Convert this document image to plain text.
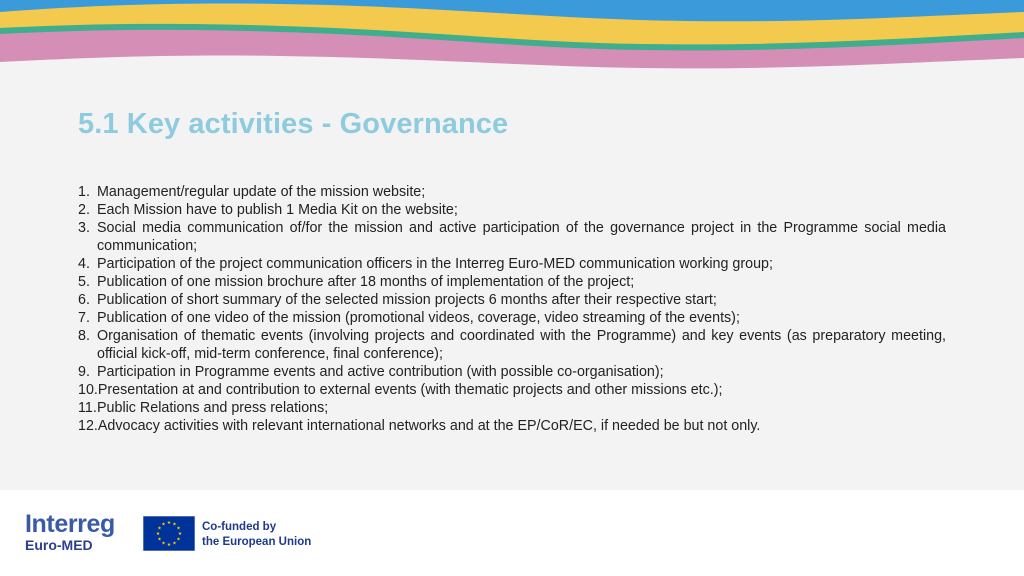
5.1 Key activities - Governance
1. Management/regular update of the mission website;
2. Each Mission have to publish 1 Media Kit on the website;
3. Social media communication of/for the mission and active participation of the governance project in the Programme social media communication;
4. Participation of the project communication officers in the Interreg Euro-MED communication working group;
5. Publication of one mission brochure after 18 months of implementation of the project;
6. Publication of short summary of the selected mission projects 6 months after their respective start;
7. Publication of one video of the mission (promotional videos, coverage, video streaming of the events);
8. Organisation of thematic events (involving projects and coordinated with the Programme) and key events (as preparatory meeting, official kick-off, mid-term conference, final conference);
9. Participation in Programme events and active contribution (with possible co-organisation);
10. Presentation at and contribution to external events (with thematic projects and other missions etc.);
11. Public Relations and press relations;
12. Advocacy activities with relevant international networks and at the EP/CoR/EC, if needed be but not only.
Interreg
Euro-MED
Co-funded by
the European Union
